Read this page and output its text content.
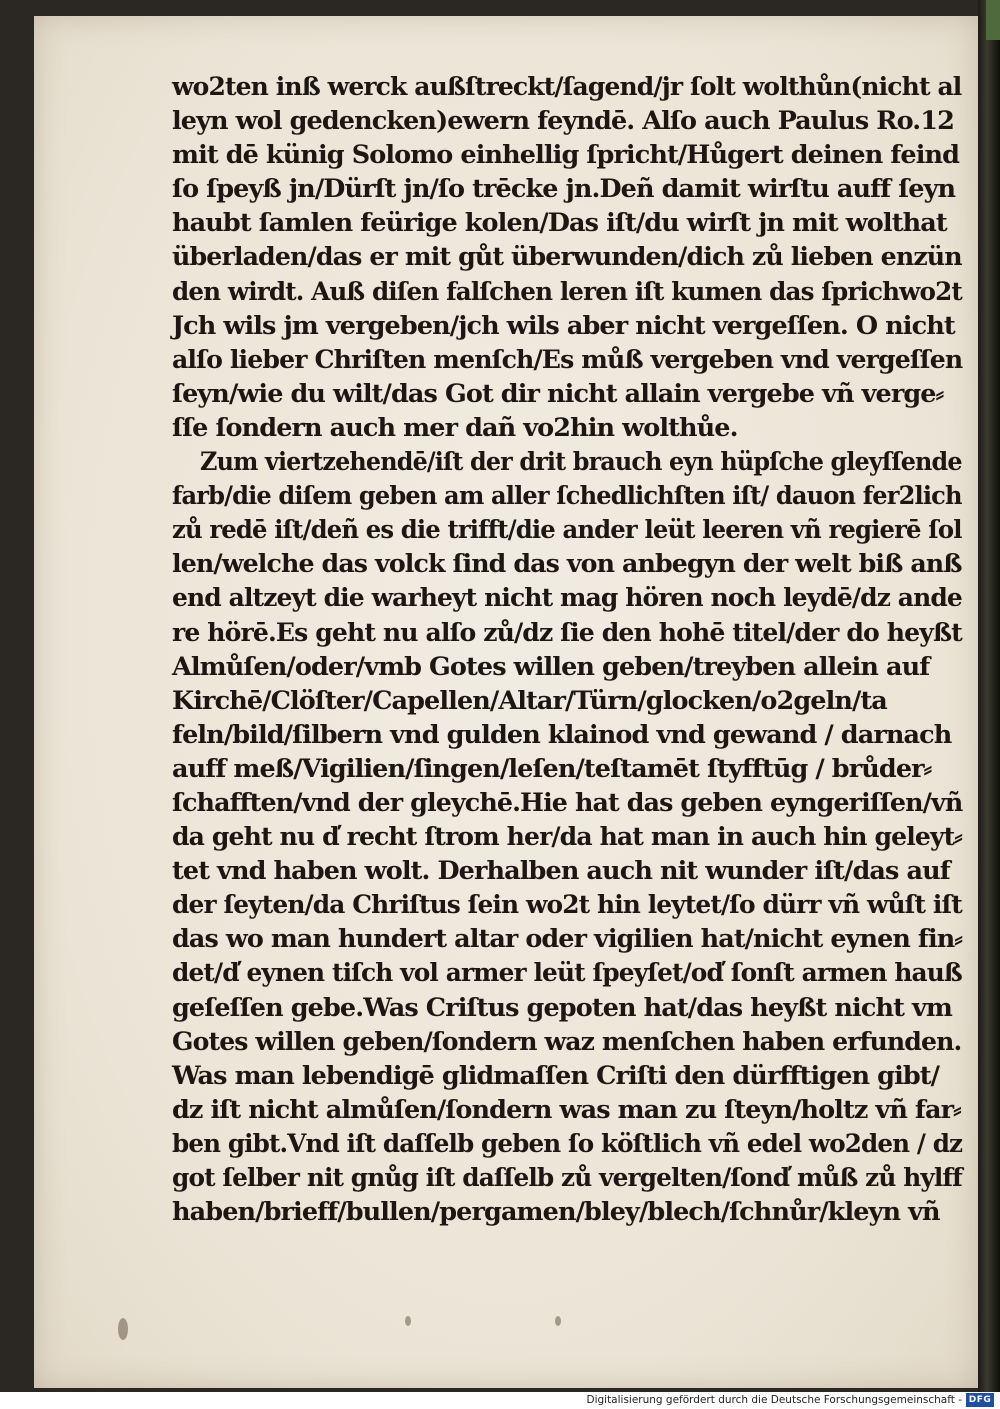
wo2ten inß werck außſtreckt/ſagend/jr ſolt wolthůn(nicht al

leyn wol gedencken)ewern feyndē. Alſo auch Paulus Ro.12

mit dē künig Solomo einhellig ſpricht/Hůgert deinen feind

ſo ſpeyß jn/Dürſt jn/ſo trēcke jn.Deñ damit wirſtu auff ſeyn

haubt ſamlen feürige kolen/Das iſt/du wirſt jn mit wolthat

überladen/das er mit gůt überwunden/dich zů lieben enzün

den wirdt. Auß diſen falſchen leren iſt kumen das ſprichwo2t

Jch wils jm vergeben/jch wils aber nicht vergeſſen. O nicht

alſo lieber Chriſten menſch/Es můß vergeben vnd vergeſſen

ſeyn/wie du wilt/das Got dir nicht allain vergebe vñ verge⸗

ſſe ſondern auch mer dañ vo2hin wolthůe.

Zum viertzehendē/iſt der drit brauch eyn hüpſche gleyſſende

farb/die diſem geben am aller ſchedlichſten iſt/ dauon fer2lich

zů redē iſt/deñ es die trifft/die ander leüt leeren vñ regierē ſol

len/welche das volck ſind das von anbegyn der welt biß anß

end altzeyt die warheyt nicht mag hören noch leydē/dz ande

re hörē.Es geht nu alſo zů/dz ſie den hohē titel/der do heyßt

Almůſen/oder/vmb Gotes willen geben/treyben allein auf

Kirchē/Clöſter/Capellen/Altar/Türn/glocken/o2geln/ta

feln/bild/ſilbern vnd gulden klainod vnd gewand / darnach

auff meß/Vigilien/ſingen/leſen/teſtamēt ſtyfftūg / brůder⸗

ſchafften/vnd der gleychē.Hie hat das geben eyngeriſſen/vñ

da geht nu d̕ recht ſtrom her/da hat man in auch hin geleyt⸗

tet vnd haben wolt. Derhalben auch nit wunder iſt/das auf

der ſeyten/da Chriſtus ſein wo2t hin leytet/ſo dürr vñ wůſt iſt

das wo man hundert altar oder vigilien hat/nicht eynen fin⸗

det/d̕ eynen tiſch vol armer leüt ſpeyſet/od̕ ſonſt armen hauß

geſeſſen gebe.Was Criſtus gepoten hat/das heyßt nicht vm

Gotes willen geben/ſondern waz menſchen haben erfunden.

Was man lebendigē glidmaſſen Criſti den dürfftigen gibt/

dz iſt nicht almůſen/ſondern was man zu ſteyn/holtz vñ far⸗

ben gibt.Vnd iſt daſſelb geben ſo köſtlich vñ edel wo2den / dz

got ſelber nit gnůg iſt daſſelb zů vergelten/ſond̕ můß zů hylff

haben/brieff/bullen/pergamen/bley/blech/ſchnůr/kleyn vñ

Digitalisierung gefördert durch die Deutsche Forschungsgemeinschaft - DFG
